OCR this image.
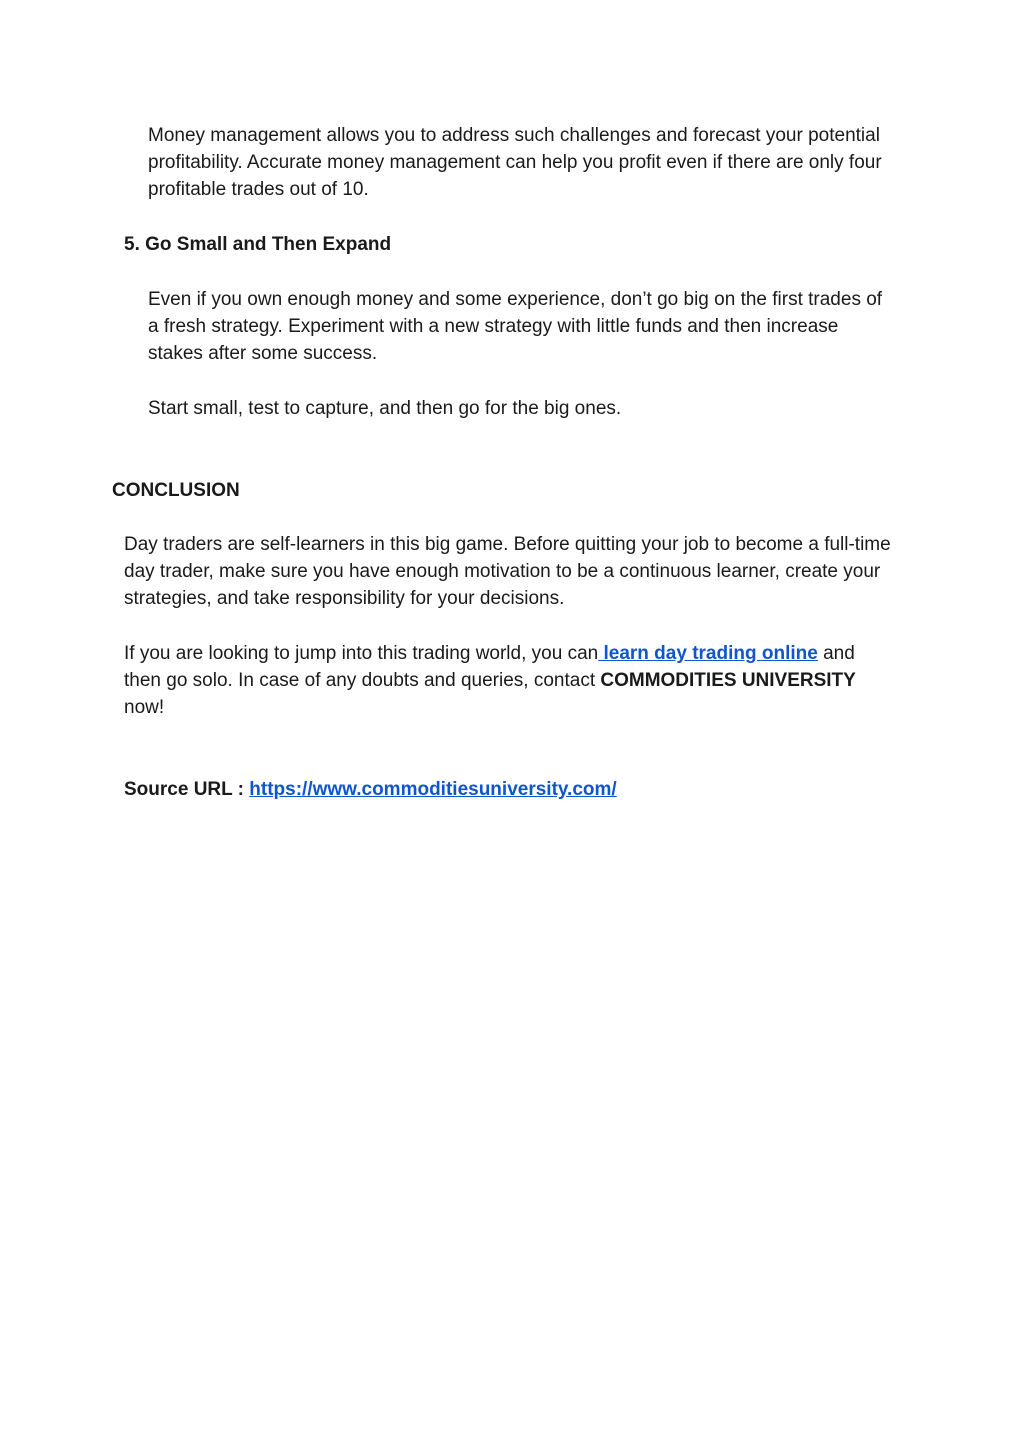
Money management allows you to address such challenges and forecast your potential profitability. Accurate money management can help you profit even if there are only four profitable trades out of 10.

5. Go Small and Then Expand

Even if you own enough money and some experience, don’t go big on the first trades of a fresh strategy. Experiment with a new strategy with little funds and then increase stakes after some success.

Start small, test to capture, and then go for the big ones.

CONCLUSION

Day traders are self-learners in this big game. Before quitting your job to become a full-time day trader, make sure you have enough motivation to be a continuous learner, create your strategies, and take responsibility for your decisions.

If you are looking to jump into this trading world, you can learn day trading online and then go solo. In case of any doubts and queries, contact COMMODITIES UNIVERSITY now!

Source URL : https://www.commoditiesuniversity.com/
